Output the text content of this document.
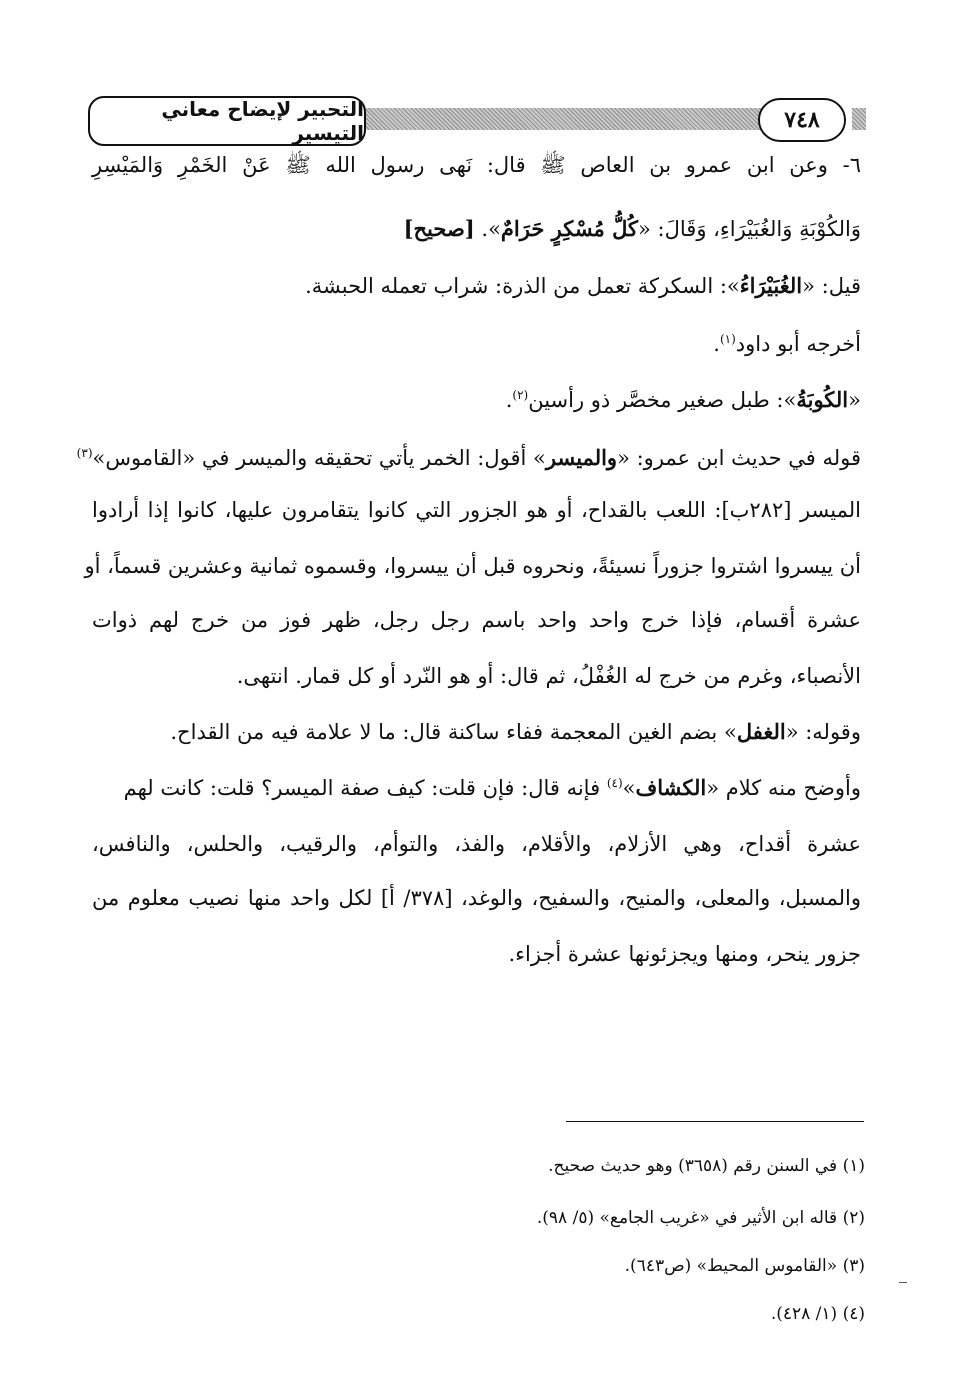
التحبير لإيضاح معاني التيسير	٧٤٨
٦- وعن ابن عمرو بن العاص ﷺ قال: نَهى رسول الله ﷺ عَنْ الخَمْرِ وَالمَيْسِرِ
وَالكُوْبَةِ وَالغُبَيْرَاءِ، وَقَالَ: «كُلُّ مُسْكِرٍ حَرَامٌ». [صحيح]
قيل: «الغُبَيْرَاءُ»: السكركة تعمل من الذرة: شراب تعمله الحبشة.
أخرجه أبو داود$^{(١)}$.
«الكُوبَةُ»: طبل صغير مخصَّر ذو رأسين$^{(٢)}$.
قوله في حديث ابن عمرو: «والميسر» أقول: الخمر يأتي تحقيقه والميسر في «القاموس»$^{(٣)}$
الميسر [٢٨٢ب]: اللعب بالقداح، أو هو الجزور التي كانوا يتقامرون عليها، كانوا إذا أرادوا
أن ييسروا اشتروا جزوراً نسيئةً، ونحروه قبل أن ييسروا، وقسموه ثمانية وعشرين قسماً، أو
عشرة أقسام، فإذا خرج واحد واحد باسم رجل رجل، ظهر فوز من خرج لهم ذوات
الأنصباء، وغرم من خرج له الغُفْلُ، ثم قال: أو هو النّرد أو كل قمار. انتهى.
وقوله: «الغفل» بضم الغين المعجمة ففاء ساكنة قال: ما لا علامة فيه من القداح.
وأوضح منه كلام «الكشاف»$^{(٤)}$ فإنه قال: فإن قلت: كيف صفة الميسر؟ قلت: كانت لهم
عشرة أقداح، وهي الأزلام، والأقلام، والفذ، والتوأم، والرقيب، والحلس، والنافس،
والمسبل، والمعلى، والمنيح، والسفيح، والوغد، [٣٧٨/ أ] لكل واحد منها نصيب معلوم من
جزور ينحر، ومنها ويجزئونها عشرة أجزاء.
(١) في السنن رقم (٣٦٥٨) وهو حديث صحيح.
(٢) قاله ابن الأثير في «غريب الجامع» (٥/ ٩٨).
(٣) «القاموس المحيط» (ص٦٤٣).
(٤) (١/ ٤٢٨).
